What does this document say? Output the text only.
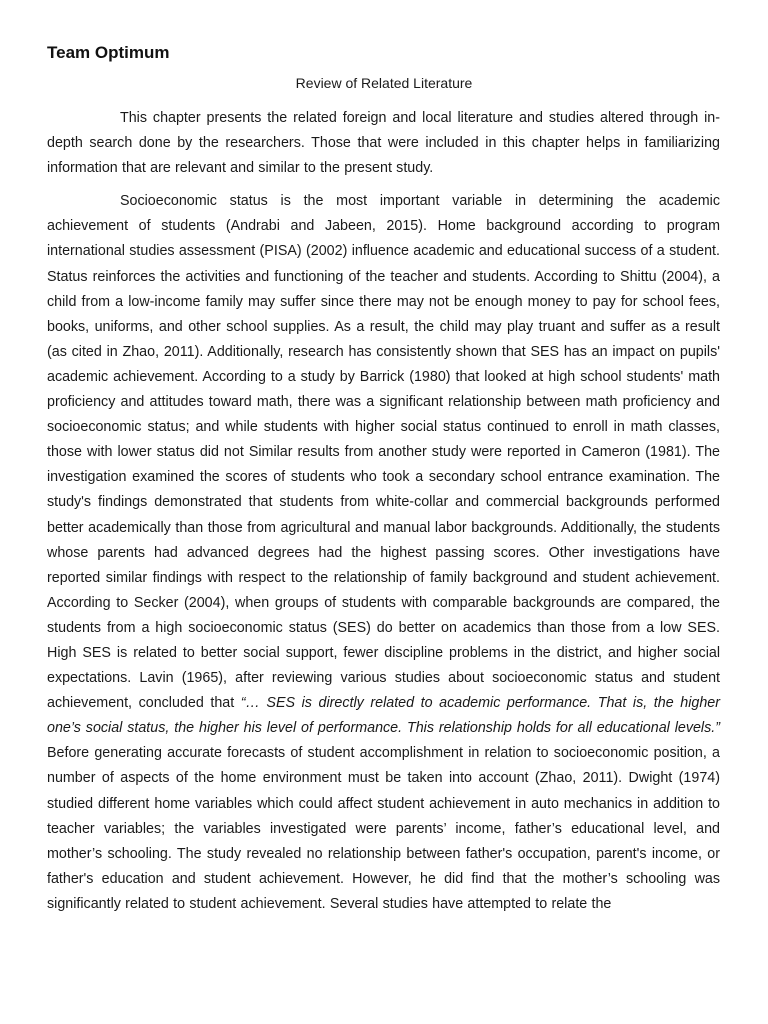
Team Optimum
Review of Related Literature

This chapter presents the related foreign and local literature and studies altered through in-depth search done by the researchers. Those that were included in this chapter helps in familiarizing information that are relevant and similar to the present study.

Socioeconomic status is the most important variable in determining the academic achievement of students (Andrabi and Jabeen, 2015). Home background according to program international studies assessment (PISA) (2002) influence academic and educational success of a student. Status reinforces the activities and functioning of the teacher and students. According to Shittu (2004), a child from a low-income family may suffer since there may not be enough money to pay for school fees, books, uniforms, and other school supplies. As a result, the child may play truant and suffer as a result (as cited in Zhao, 2011). Additionally, research has consistently shown that SES has an impact on pupils' academic achievement. According to a study by Barrick (1980) that looked at high school students' math proficiency and attitudes toward math, there was a significant relationship between math proficiency and socioeconomic status; and while students with higher social status continued to enroll in math classes, those with lower status did not Similar results from another study were reported in Cameron (1981). The investigation examined the scores of students who took a secondary school entrance examination. The study's findings demonstrated that students from white-collar and commercial backgrounds performed better academically than those from agricultural and manual labor backgrounds. Additionally, the students whose parents had advanced degrees had the highest passing scores. Other investigations have reported similar findings with respect to the relationship of family background and student achievement. According to Secker (2004), when groups of students with comparable backgrounds are compared, the students from a high socioeconomic status (SES) do better on academics than those from a low SES. High SES is related to better social support, fewer discipline problems in the district, and higher social expectations. Lavin (1965), after reviewing various studies about socioeconomic status and student achievement, concluded that “… SES is directly related to academic performance. That is, the higher one’s social status, the higher his level of performance. This relationship holds for all educational levels.” Before generating accurate forecasts of student accomplishment in relation to socioeconomic position, a number of aspects of the home environment must be taken into account (Zhao, 2011). Dwight (1974) studied different home variables which could affect student achievement in auto mechanics in addition to teacher variables; the variables investigated were parents’ income, father’s educational level, and mother’s schooling. The study revealed no relationship between father's occupation, parent's income, or father's education and student achievement. However, he did find that the mother’s schooling was significantly related to student achievement. Several studies have attempted to relate the
